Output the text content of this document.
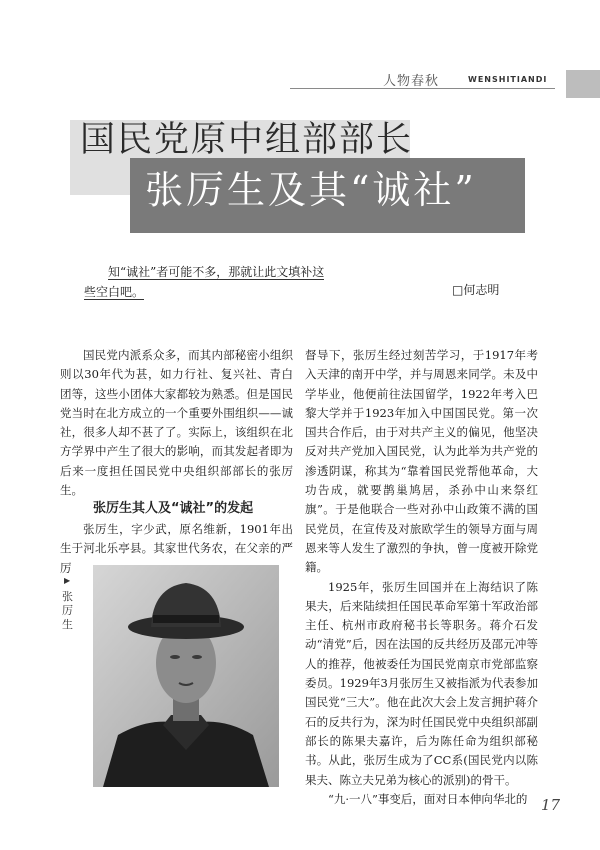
人物春秋	WENSHITIANDI
国民党原中组部部长
张厉生及其“诚社”
知“诚社”者可能不多，那就让此文填补这
些空白吧。	□何志明

国民党内派系众多，而其内部秘密小组织则以30年代为甚，如力行社、复兴社、青白团等，这些小团体大家都较为熟悉。但是国民党当时在北方成立的一个重要外围组织——诚社，很多人却不甚了了。实际上，该组织在北方学界中产生了很大的影响，而其发起者即为后来一度担任国民党中央组织部部长的张厉生。

张厉生其人及“诚社”的发起

张厉生，字少武，原名维新，1901年出生于河北乐亭县。其家世代务农，在父亲的严厉

▶
张厉生

督导下，张厉生经过刻苦学习，于1917年考入天津的南开中学，并与周恩来同学。未及中学毕业，他便前往法国留学，1922年考入巴黎大学并于1923年加入中国国民党。第一次国共合作后，由于对共产主义的偏见，他坚决反对共产党加入国民党，认为此举为共产党的渗透阴谋，称其为“靠着国民党帮他革命，大功告成，就要鹊巢鸠居，杀孙中山来祭红旗”。于是他联合一些对孙中山政策不满的国民党员，在宣传及对旅欧学生的领导方面与周恩来等人发生了激烈的争执，曾一度被开除党籍。

1925年，张厉生回国并在上海结识了陈果夫，后来陆续担任国民革命军第十军政治部主任、杭州市政府秘书长等职务。蒋介石发动“清党”后，因在法国的反共经历及邵元冲等人的推荐，他被委任为国民党南京市党部监察委员。1929年3月张厉生又被指派为代表参加国民党“三大”。他在此次大会上发言拥护蒋介石的反共行为，深为时任国民党中央组织部副部长的陈果夫嘉许，后为陈任命为组织部秘书。从此，张厉生成为了CC系(国民党内以陈果夫、陈立夫兄弟为核心的派别)的骨干。

“九·一八”事变后，面对日本伸向华北的 17
